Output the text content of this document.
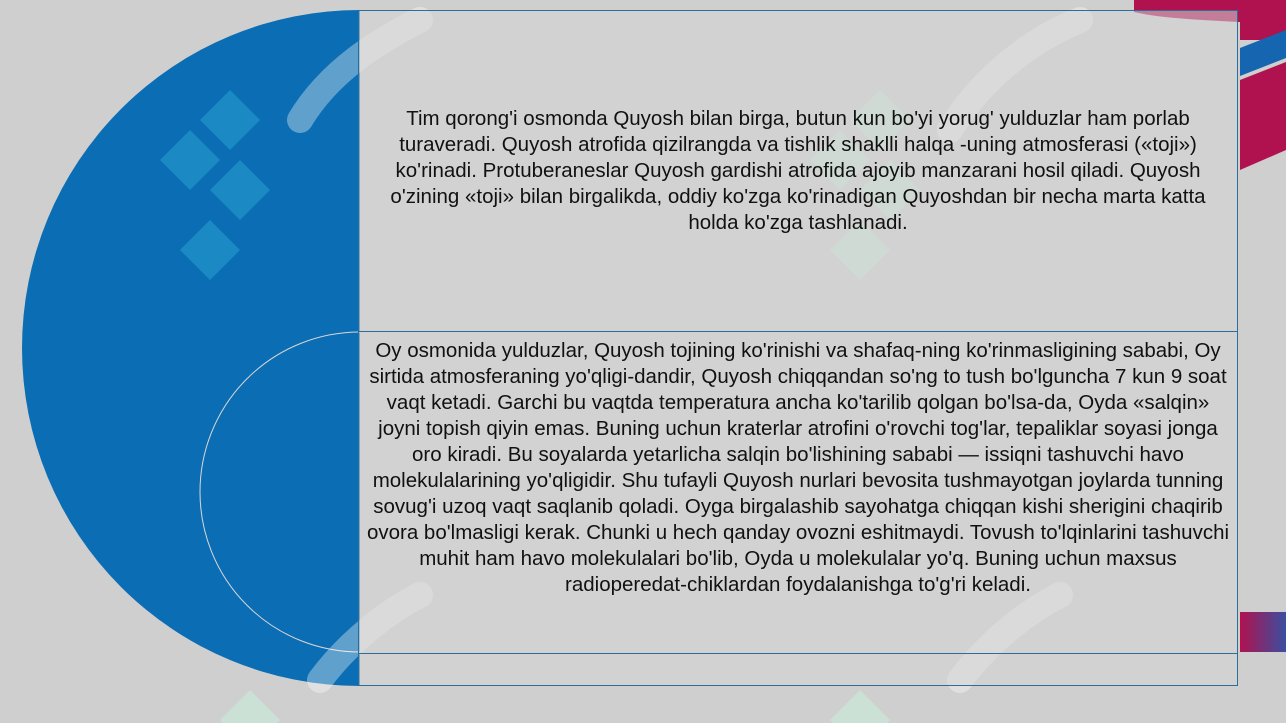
Tim qorong'i osmonda Quyosh bilan birga, butun kun bo'yi yorug' yulduzlar ham porlab turaveradi. Quyosh atrofida qizilrangda va tishlik shaklli halqa -uning atmosferasi («toji») ko'rinadi. Protuberaneslar Quyosh gardishi atrofida ajoyib manzarani hosil qiladi. Quyosh o'zining «toji» bilan birgalikda, oddiy ko'zga ko'rinadigan Quyoshdan bir necha marta katta holda ko'zga tashlanadi.

Oy osmonida yulduzlar, Quyosh tojining ko'rinishi va shafaq-ning ko'rinmasligining sababi, Oy sirtida atmosferaning yo'qligi-dandir, Quyosh chiqqandan so'ng to tush bo'lguncha 7 kun 9 soat vaqt ketadi. Garchi bu vaqtda temperatura ancha ko'tarilib qolgan bo'lsa-da, Oyda «salqin» joyni topish qiyin emas. Buning uchun kraterlar atrofini o'rovchi tog'lar, tepaliklar soyasi jonga oro kiradi. Bu soyalarda yetarlicha salqin bo'lishining sababi — issiqni tashuvchi havo molekulalarining yo'qligidir. Shu tufayli Quyosh nurlari bevosita tushmayotgan joylarda tunning sovug'i uzoq vaqt saqlanib qoladi. Oyga birgalashib sayohatga chiqqan kishi sherigini chaqirib ovora bo'lmasligi kerak. Chunki u hech qanday ovozni eshitmaydi. Tovush to'lqinlarini tashuvchi muhit ham havo molekulalari bo'lib, Oyda u molekulalar yo'q. Buning uchun maxsus radioperedat-chiklardan foydalanishga to'g'ri keladi.
